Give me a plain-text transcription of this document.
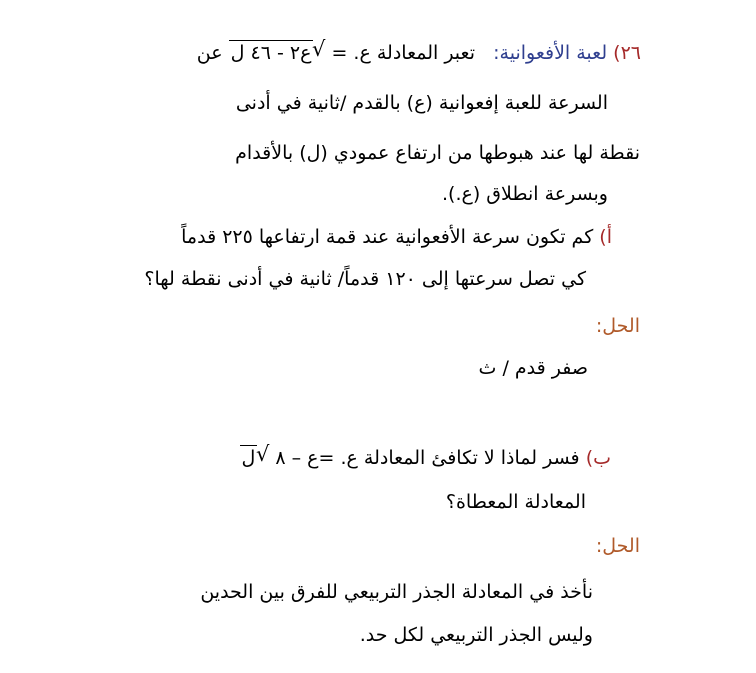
٢٦) لعبة الأفعوانية:   تعبر المعادلة ع. =
√
ع٢ - ٤٦ ل عن
السرعة للعبة إفعوانية (ع) بالقدم /ثانية في أدنى
نقطة لها عند هبوطها من ارتفاع عمودي (ل) بالأقدام
وبسرعة انطلاق (ع.).
أ) كم تكون سرعة الأفعوانية عند قمة ارتفاعها ٢٢٥ قدماً
كي تصل سرعتها إلى ١٢٠ قدماً/ ثانية في أدنى نقطة لها؟
الحل:
صفر قدم / ث
ب) فسر لماذا لا تكافئ المعادلة ع. =ع – ٨
√
ل
المعادلة المعطاة؟
الحل:
نأخذ في المعادلة الجذر التربيعي للفرق بين الحدين
وليس الجذر التربيعي لكل حد.
